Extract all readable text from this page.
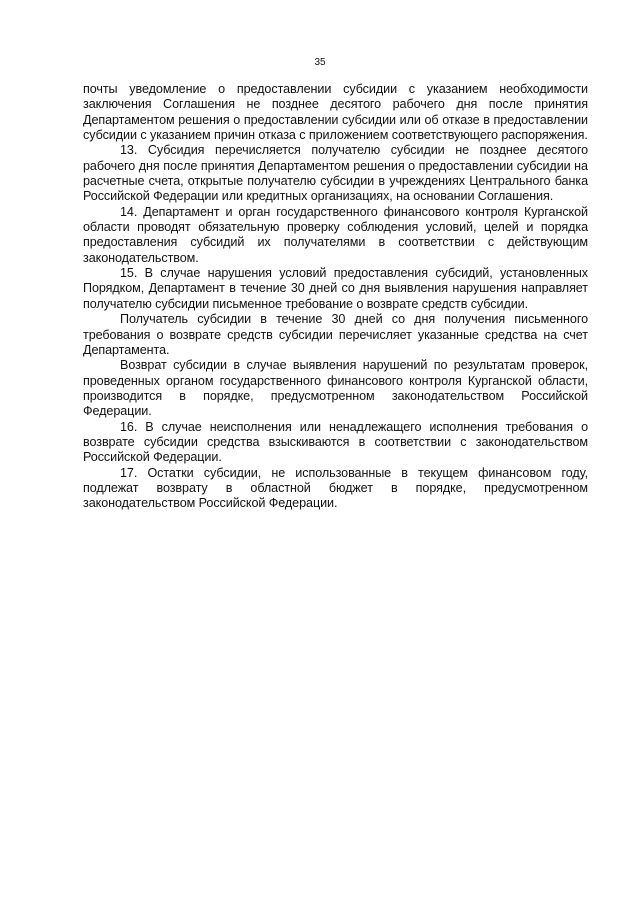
35

почты уведомление о предоставлении субсидии с указанием необходимости заключения Соглашения не позднее десятого рабочего дня после принятия Департаментом решения о предоставлении субсидии или об отказе в предоставлении субсидии с указанием причин отказа с приложением соответствующего распоряжения.

13. Субсидия перечисляется получателю субсидии не позднее десятого рабочего дня после принятия Департаментом решения о предоставлении субсидии на расчетные счета, открытые получателю субсидии в учреждениях Центрального банка Российской Федерации или кредитных организациях, на основании Соглашения.

14. Департамент и орган государственного финансового контроля Курганской области проводят обязательную проверку соблюдения условий, целей и порядка предоставления субсидий их получателями в соответствии с действующим законодательством.

15. В случае нарушения условий предоставления субсидий, установленных Порядком, Департамент в течение 30 дней со дня выявления нарушения направляет получателю субсидии письменное требование о возврате средств субсидии.

Получатель субсидии в течение 30 дней со дня получения письменного требования о возврате средств субсидии перечисляет указанные средства на счет Департамента.

Возврат субсидии в случае выявления нарушений по результатам проверок, проведенных органом государственного финансового контроля Курганской области, производится в порядке, предусмотренном законодательством Российской Федерации.

16. В случае неисполнения или ненадлежащего исполнения требования о возврате субсидии средства взыскиваются в соответствии с законодательством Российской Федерации.

17. Остатки субсидии, не использованные в текущем финансовом году, подлежат возврату в областной бюджет в порядке, предусмотренном законодательством Российской Федерации.
